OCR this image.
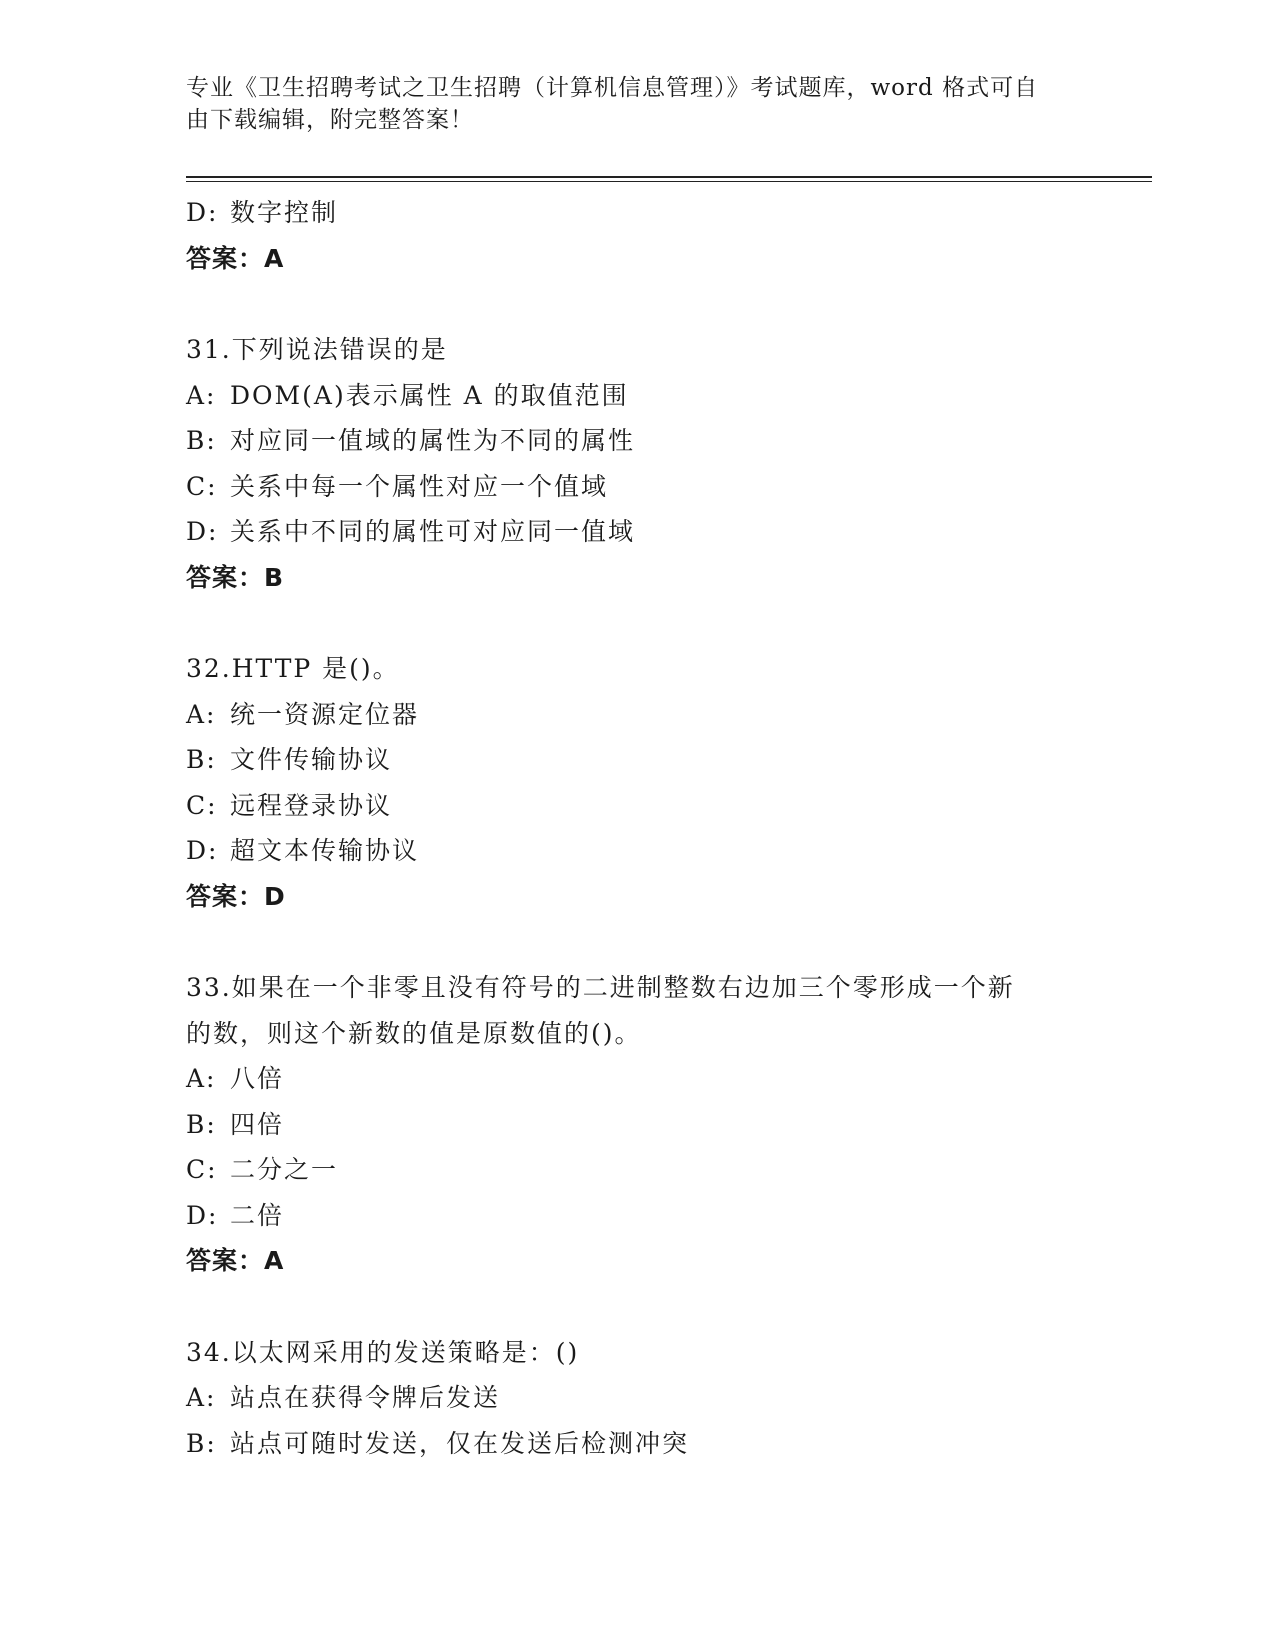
专业《卫生招聘考试之卫生招聘（计算机信息管理）》考试题库，word 格式可自
由下载编辑，附完整答案！
D: 数字控制
答案：A
31.下列说法错误的是
A: DOM(A)表示属性 A 的取值范围
B: 对应同一值域的属性为不同的属性
C: 关系中每一个属性对应一个值域
D: 关系中不同的属性可对应同一值域
答案：B
32.HTTP 是()。
A: 统一资源定位器
B: 文件传输协议
C: 远程登录协议
D: 超文本传输协议
答案：D
33.如果在一个非零且没有符号的二进制整数右边加三个零形成一个新
的数，则这个新数的值是原数值的()。
A: 八倍
B: 四倍
C: 二分之一
D: 二倍
答案：A
34.以太网采用的发送策略是：()
A: 站点在获得令牌后发送
B: 站点可随时发送，仅在发送后检测冲突
